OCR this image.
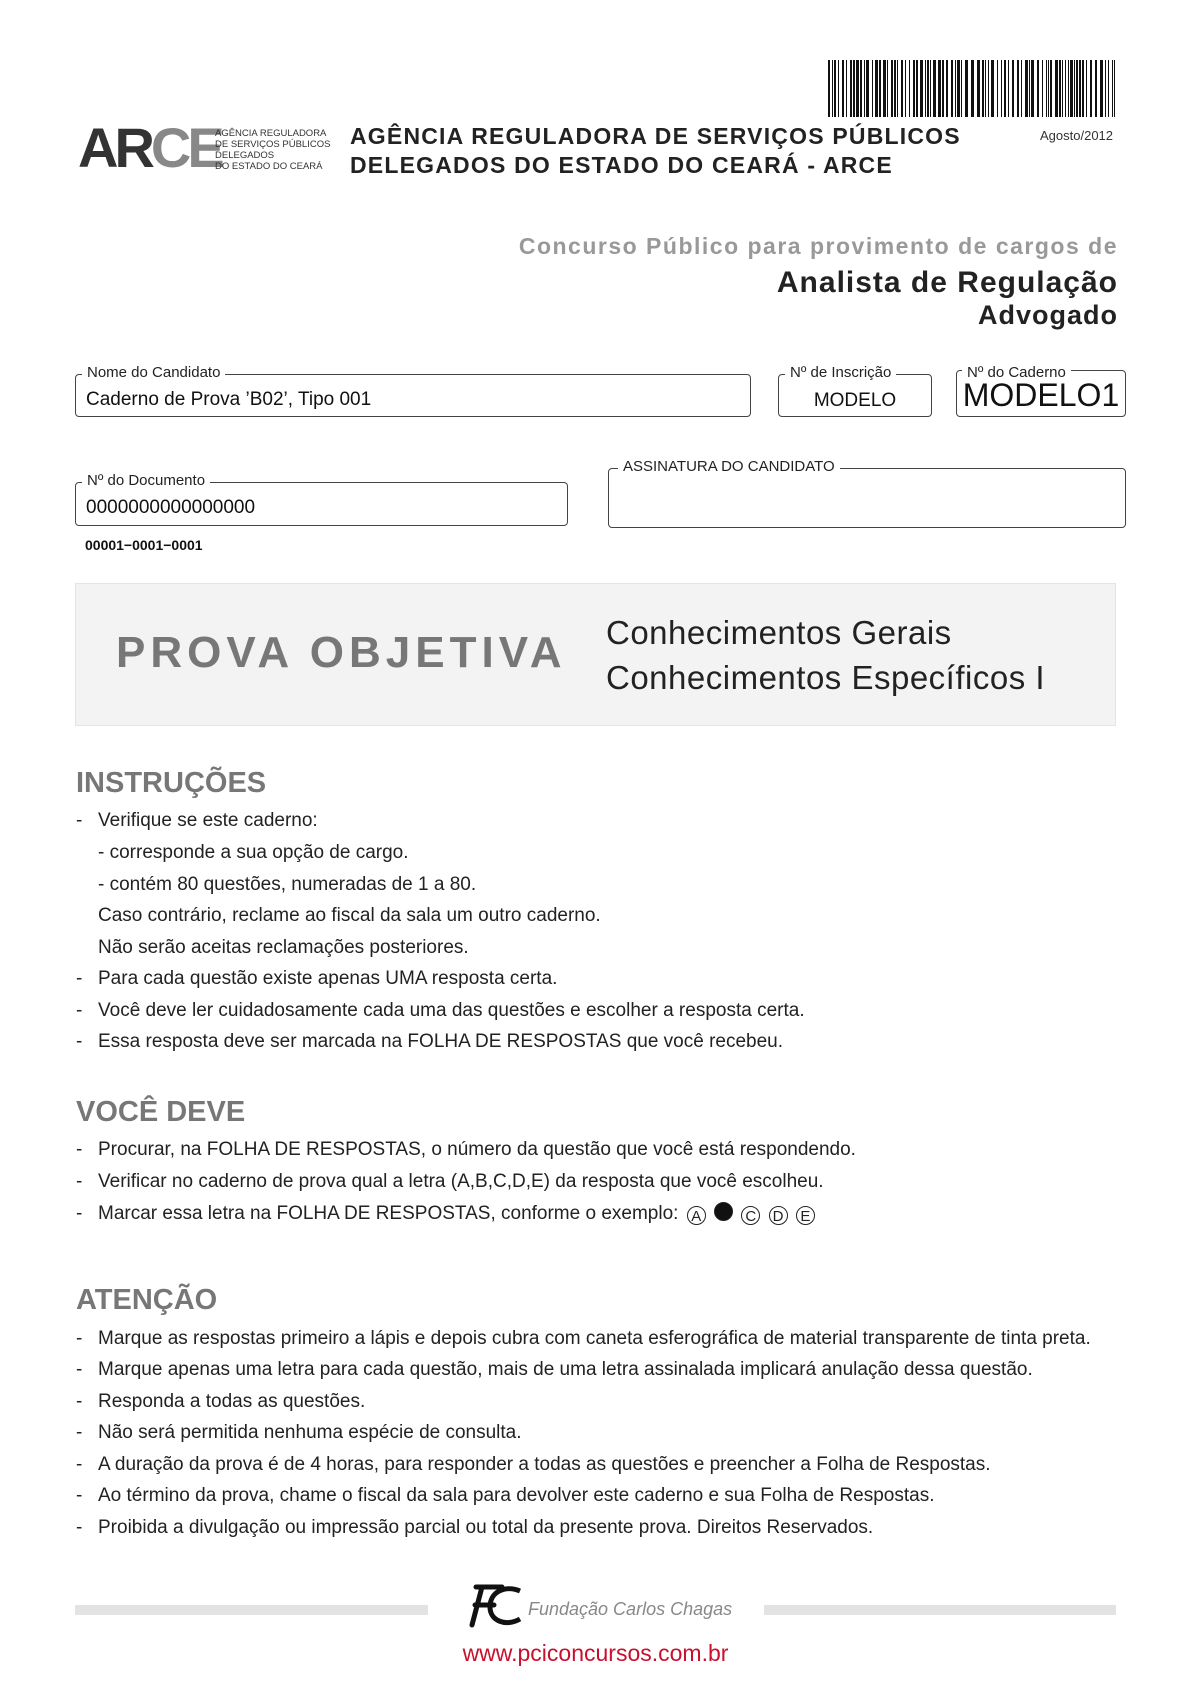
ARCE
AGÊNCIA REGULADORA
DE SERVIÇOS PÚBLICOS
DELEGADOS
DO ESTADO DO CEARÁ
AGÊNCIA REGULADORA DE SERVIÇOS PÚBLICOS
DELEGADOS DO ESTADO DO CEARÁ - ARCE
Agosto/2012
Concurso Público para provimento de cargos de
Analista de Regulação
Advogado
Nome do Candidato
Caderno de Prova ’B02’, Tipo 001
Nº de Inscrição
MODELO
Nº do Caderno
MODELO1
Nº do Documento
0000000000000000
ASSINATURA DO CANDIDATO
00001−0001−0001
PROVA OBJETIVA Conhecimentos Gerais
Conhecimentos Específicos I
INSTRUÇÕES
- Verifique se este caderno:
- corresponde a sua opção de cargo.
- contém 80 questões, numeradas de 1 a 80.
Caso contrário, reclame ao fiscal da sala um outro caderno.
Não serão aceitas reclamações posteriores.
- Para cada questão existe apenas UMA resposta certa.
- Você deve ler cuidadosamente cada uma das questões e escolher a resposta certa.
- Essa resposta deve ser marcada na FOLHA DE RESPOSTAS que você recebeu.
VOCÊ DEVE
- Procurar, na FOLHA DE RESPOSTAS, o número da questão que você está respondendo.
- Verificar no caderno de prova qual a letra (A,B,C,D,E) da resposta que você escolheu.
- Marcar essa letra na FOLHA DE RESPOSTAS, conforme o exemplo: A	C D E
ATENÇÃO
- Marque as respostas primeiro a lápis e depois cubra com caneta esferográfica de material transparente de tinta preta.
- Marque apenas uma letra para cada questão, mais de uma letra assinalada implicará anulação dessa questão.
- Responda a todas as questões.
- Não será permitida nenhuma espécie de consulta.
- A duração da prova é de 4 horas, para responder a todas as questões e preencher a Folha de Respostas.
- Ao término da prova, chame o fiscal da sala para devolver este caderno e sua Folha de Respostas.
- Proibida a divulgação ou impressão parcial ou total da presente prova. Direitos Reservados.
Fundação Carlos Chagas
www.pciconcursos.com.br
